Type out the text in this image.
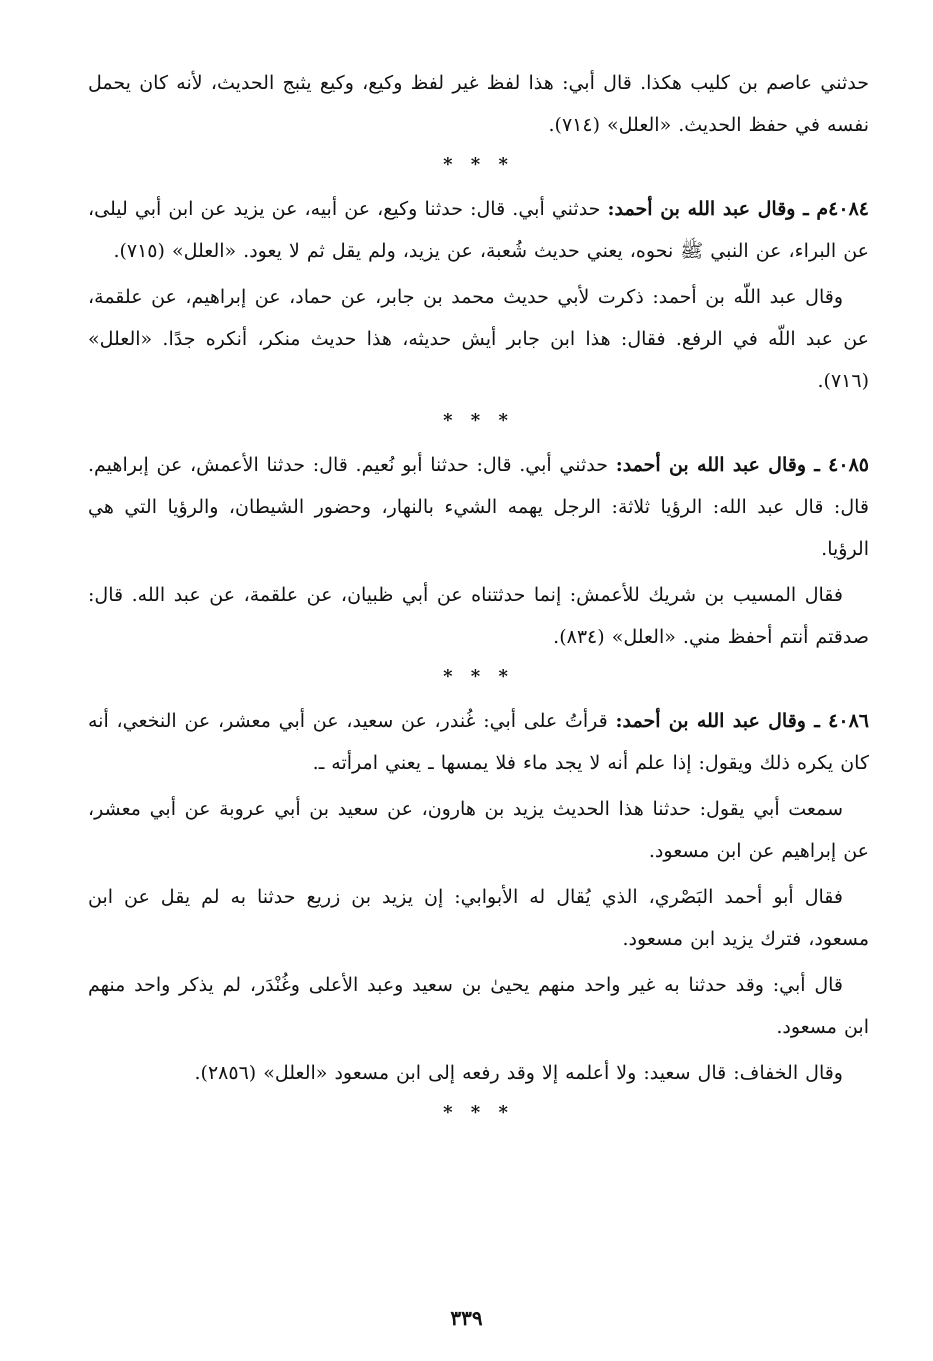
حدثني عاصم بن كليب هكذا. قال أبي: هذا لفظ غير لفظ وكيع، وكيع يثبج الحديث، لأنه كان يحمل نفسه في حفظ الحديث. «العلل» (٧١٤).

* * *

٤٠٨٤م ـ وقال عبد الله بن أحمد: حدثني أبي. قال: حدثنا وكيع، عن أبيه، عن يزيد عن ابن أبي ليلى، عن البراء، عن النبي ﷺ نحوه، يعني حديث شُعبة، عن يزيد، ولم يقل ثم لا يعود. «العلل» (٧١٥).

وقال عبد اللّه بن أحمد: ذكرت لأبي حديث محمد بن جابر، عن حماد، عن إبراهيم، عن علقمة، عن عبد اللّه في الرفع. فقال: هذا ابن جابر أيش حديثه، هذا حديث منكر، أنكره جدًا. «العلل» (٧١٦).

* * *

٤٠٨٥ ـ وقال عبد الله بن أحمد: حدثني أبي. قال: حدثنا أبو نُعيم. قال: حدثنا الأعمش، عن إبراهيم. قال: قال عبد الله: الرؤيا ثلاثة: الرجل يهمه الشيء بالنهار، وحضور الشيطان، والرؤيا التي هي الرؤيا.

فقال المسيب بن شريك للأعمش: إنما حدثتناه عن أبي ظبيان، عن علقمة، عن عبد الله. قال: صدقتم أنتم أحفظ مني. «العلل» (٨٣٤).

* * *

٤٠٨٦ ـ وقال عبد الله بن أحمد: قرأتُ على أبي: غُندر، عن سعيد، عن أبي معشر، عن النخعي، أنه كان يكره ذلك ويقول: إذا علم أنه لا يجد ماء فلا يمسها ـ يعني امرأته ـ.

سمعت أبي يقول: حدثنا هذا الحديث يزيد بن هارون، عن سعيد بن أبي عروبة عن أبي معشر، عن إبراهيم عن ابن مسعود.

فقال أبو أحمد البَصْري، الذي يُقال له الأبوابي: إن يزيد بن زريع حدثنا به لم يقل عن ابن مسعود، فترك يزيد ابن مسعود.

قال أبي: وقد حدثنا به غير واحد منهم يحيىٰ بن سعيد وعبد الأعلى وغُنْدَر، لم يذكر واحد منهم ابن مسعود.

وقال الخفاف: قال سعيد: ولا أعلمه إلا وقد رفعه إلى ابن مسعود «العلل» (٢٨٥٦).

* * *
٣٣٩
